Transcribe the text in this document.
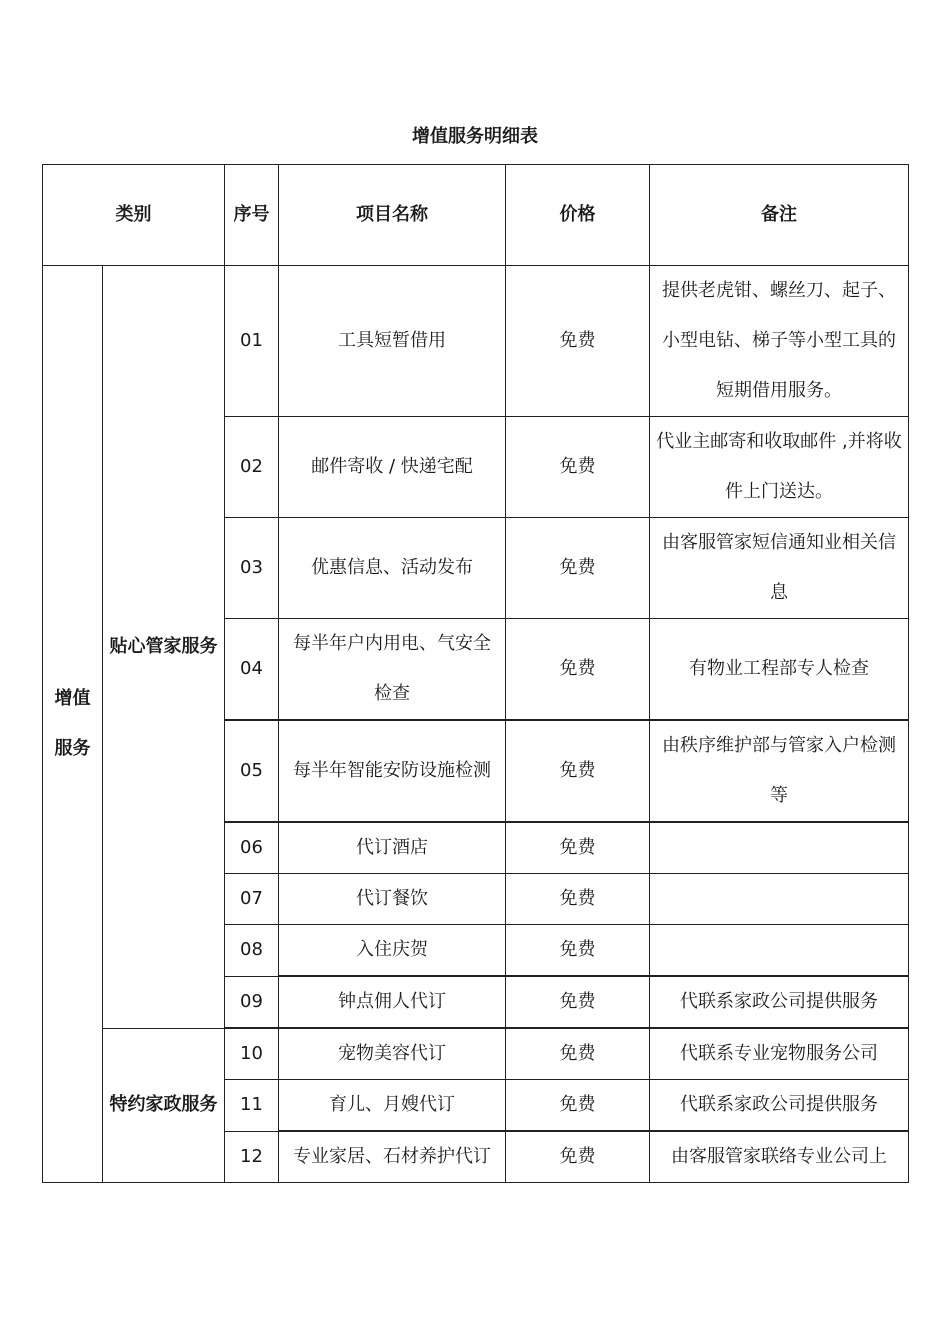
增值服务明细表
类别		序号	项目名称	价格	备注
增值服务	贴心管家服务	01	工具短暂借用	免费	提供老虎钳、螺丝刀、起子、小型电钻、梯子等小型工具的短期借用服务。
		02	邮件寄收 / 快递宅配	免费	代业主邮寄和收取邮件 ,并将收件上门送达。
		03	优惠信息、活动发布	免费	由客服管家短信通知业相关信息
		04	每半年户内用电、气安全检查	免费	有物业工程部专人检查
		05	每半年智能安防设施检测	免费	由秩序维护部与管家入户检测等
		06	代订酒店	免费	
		07	代订餐饮	免费	
		08	入住庆贺	免费	
		09	钟点佣人代订	免费	代联系家政公司提供服务
	特约家政服务	10	宠物美容代订	免费	代联系专业宠物服务公司
		11	育儿、月嫂代订	免费	代联系家政公司提供服务
		12	专业家居、石材养护代订	免费	由客服管家联络专业公司上
